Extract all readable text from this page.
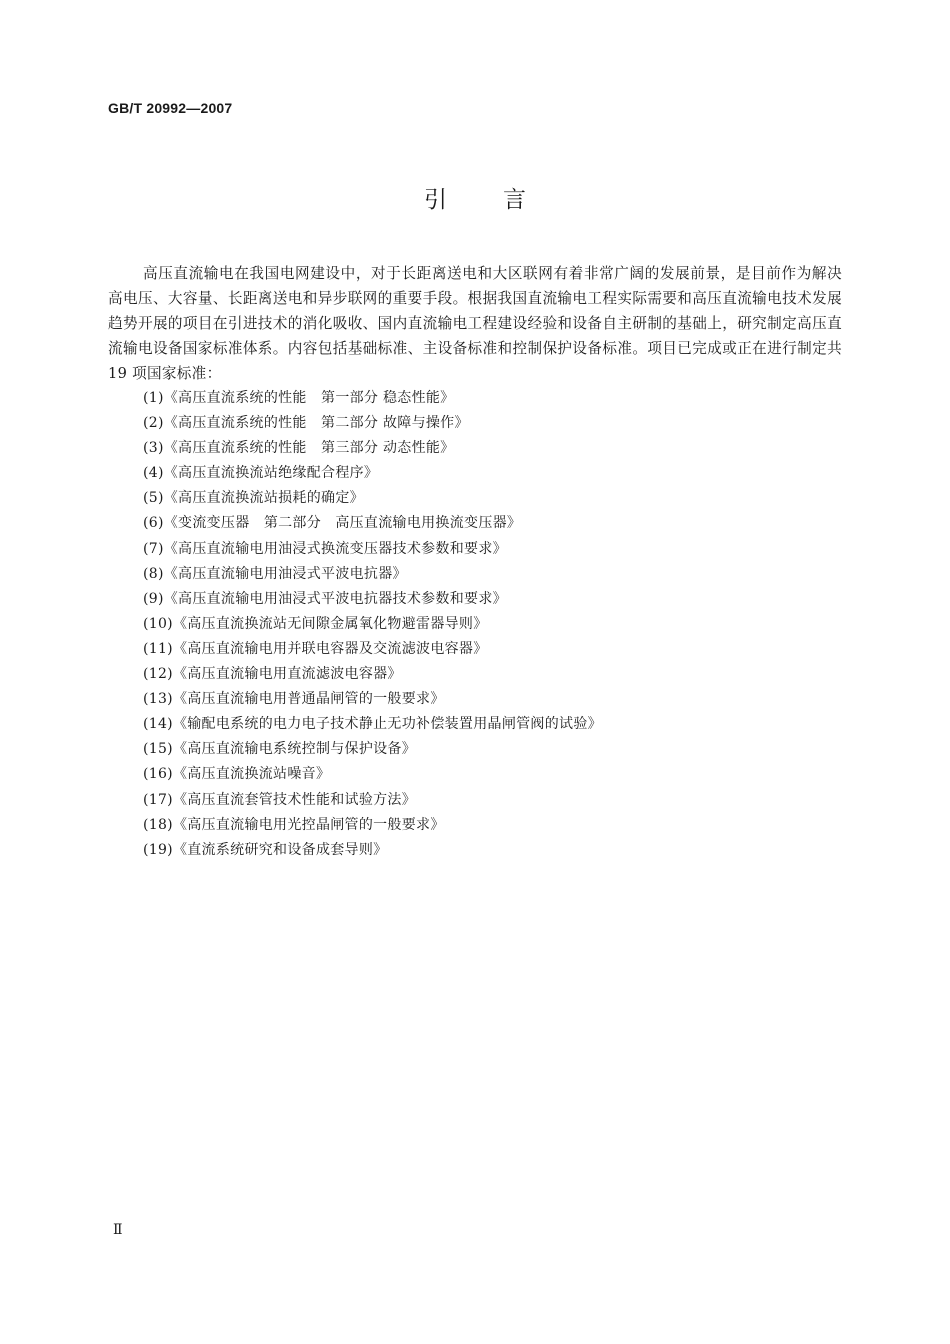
GB/T 20992—2007
引言

高压直流输电在我国电网建设中，对于长距离送电和大区联网有着非常广阔的发展前景，是目前作为解决高电压、大容量、长距离送电和异步联网的重要手段。根据我国直流输电工程实际需要和高压直流输电技术发展趋势开展的项目在引进技术的消化吸收、国内直流输电工程建设经验和设备自主研制的基础上，研究制定高压直流输电设备国家标准体系。内容包括基础标准、主设备标准和控制保护设备标准。项目已完成或正在进行制定共 19 项国家标准：

(1)《高压直流系统的性能　第一部分 稳态性能》
(2)《高压直流系统的性能　第二部分 故障与操作》
(3)《高压直流系统的性能　第三部分 动态性能》
(4)《高压直流换流站绝缘配合程序》
(5)《高压直流换流站损耗的确定》
(6)《变流变压器　第二部分　高压直流输电用换流变压器》
(7)《高压直流输电用油浸式换流变压器技术参数和要求》
(8)《高压直流输电用油浸式平波电抗器》
(9)《高压直流输电用油浸式平波电抗器技术参数和要求》
(10)《高压直流换流站无间隙金属氧化物避雷器导则》
(11)《高压直流输电用并联电容器及交流滤波电容器》
(12)《高压直流输电用直流滤波电容器》
(13)《高压直流输电用普通晶闸管的一般要求》
(14)《输配电系统的电力电子技术静止无功补偿装置用晶闸管阀的试验》
(15)《高压直流输电系统控制与保护设备》
(16)《高压直流换流站噪音》
(17)《高压直流套管技术性能和试验方法》
(18)《高压直流输电用光控晶闸管的一般要求》
(19)《直流系统研究和设备成套导则》
Ⅱ
